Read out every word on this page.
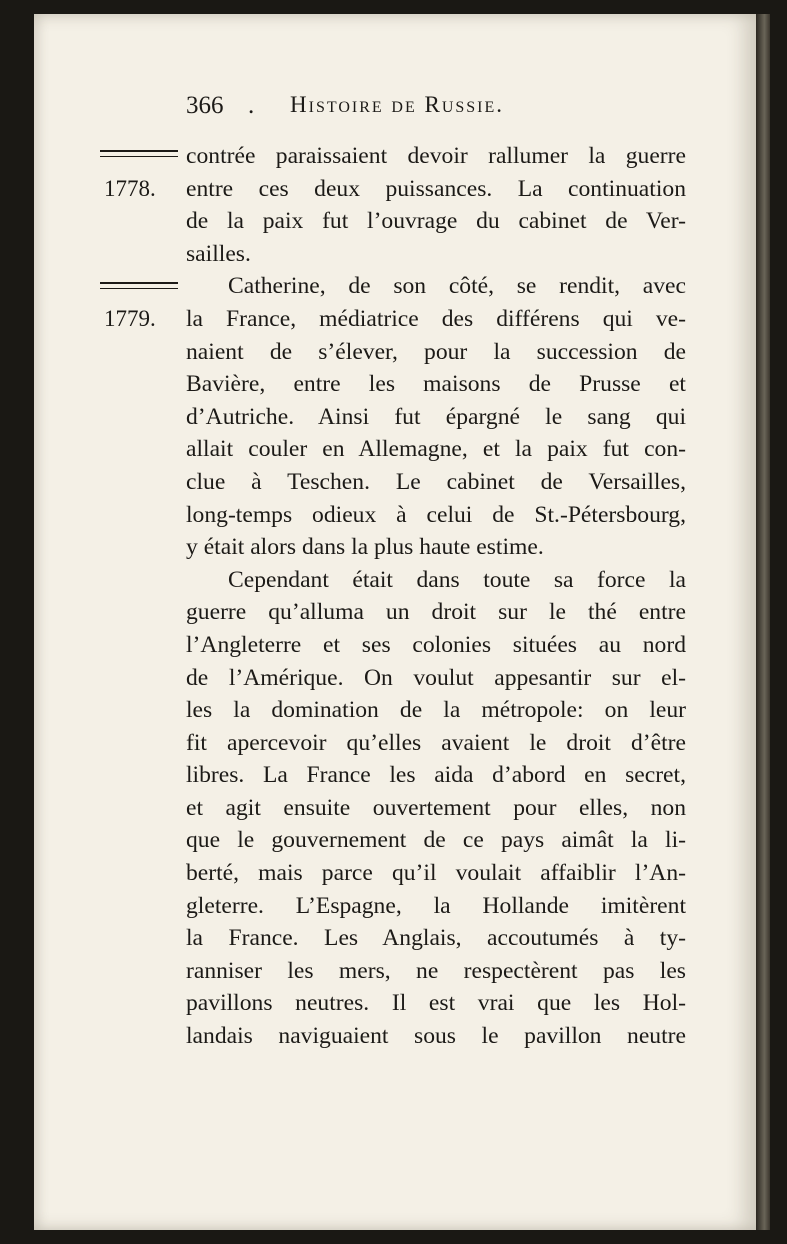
366 . Histoire de Russie.
1778.
1779.
contrée paraissaient devoir rallumer la guerre
entre ces deux puissances. La continuation
de la paix fut l’ouvrage du cabinet de Ver-
sailles.
Catherine, de son côté, se rendit, avec
la France, médiatrice des différens qui ve-
naient de s’élever, pour la succession de
Bavière, entre les maisons de Prusse et
d’Autriche. Ainsi fut épargné le sang qui
allait couler en Allemagne, et la paix fut con-
clue à Teschen. Le cabinet de Versailles,
long-temps odieux à celui de St.-Pétersbourg,
y était alors dans la plus haute estime.
Cependant était dans toute sa force la
guerre qu’alluma un droit sur le thé entre
l’Angleterre et ses colonies situées au nord
de l’Amérique. On voulut appesantir sur el-
les la domination de la métropole: on leur
fit apercevoir qu’elles avaient le droit d’être
libres. La France les aida d’abord en secret,
et agit ensuite ouvertement pour elles, non
que le gouvernement de ce pays aimât la li-
berté, mais parce qu’il voulait affaiblir l’An-
gleterre. L’Espagne, la Hollande imitèrent
la France. Les Anglais, accoutumés à ty-
ranniser les mers, ne respectèrent pas les
pavillons neutres. Il est vrai que les Hol-
landais naviguaient sous le pavillon neutre
